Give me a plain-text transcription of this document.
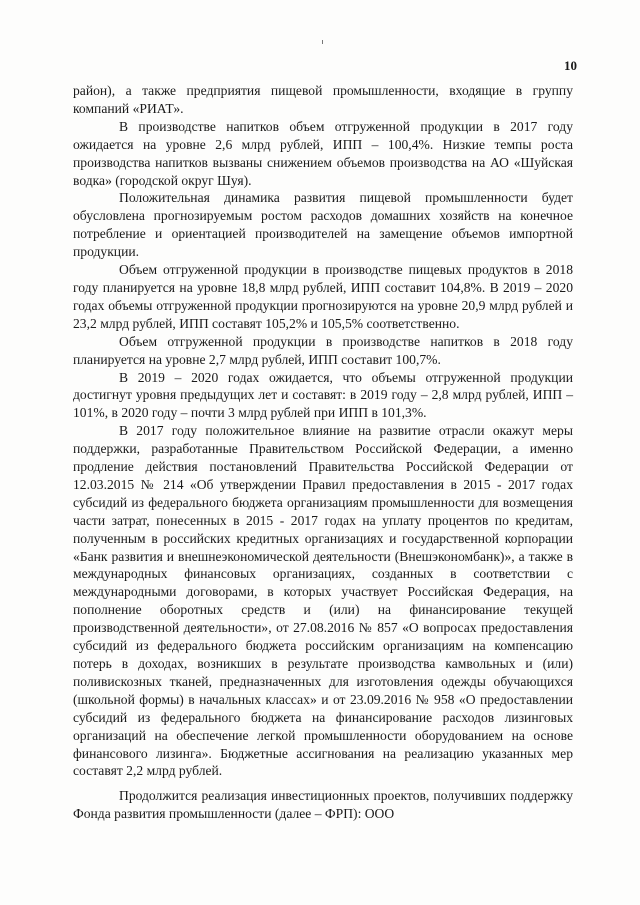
10

район), а также предприятия пищевой промышленности, входящие в группу компаний «РИАТ».

В производстве напитков объем отгруженной продукции в 2017 году ожидается на уровне 2,6 млрд рублей, ИПП – 100,4%. Низкие темпы роста производства напитков вызваны снижением объемов производства на АО «Шуйская водка» (городской округ Шуя).

Положительная динамика развития пищевой промышленности будет обусловлена прогнозируемым ростом расходов домашних хозяйств на конечное потребление и ориентацией производителей на замещение объемов импортной продукции.

Объем отгруженной продукции в производстве пищевых продуктов в 2018 году планируется на уровне 18,8 млрд рублей, ИПП составит 104,8%. В 2019 – 2020 годах объемы отгруженной продукции прогнозируются на уровне 20,9 млрд рублей и 23,2 млрд рублей, ИПП составят 105,2% и 105,5% соответственно.

Объем отгруженной продукции в производстве напитков в 2018 году планируется на уровне 2,7 млрд рублей, ИПП составит 100,7%.

В 2019 – 2020 годах ожидается, что объемы отгруженной продукции достигнут уровня предыдущих лет и составят: в 2019 году – 2,8 млрд рублей, ИПП – 101%, в 2020 году – почти 3 млрд рублей при ИПП в 101,3%.

В 2017 году положительное влияние на развитие отрасли окажут меры поддержки, разработанные Правительством Российской Федерации, а именно продление действия постановлений Правительства Российской Федерации от 12.03.2015 № 214 «Об утверждении Правил предоставления в 2015 - 2017 годах субсидий из федерального бюджета организациям промышленности для возмещения части затрат, понесенных в 2015 - 2017 годах на уплату процентов по кредитам, полученным в российских кредитных организациях и государственной корпорации «Банк развития и внешнеэкономической деятельности (Внешэкономбанк)», а также в международных финансовых организациях, созданных в соответствии с международными договорами, в которых участвует Российская Федерация, на пополнение оборотных средств и (или) на финансирование текущей производственной деятельности», от 27.08.2016 № 857 «О вопросах предоставления субсидий из федерального бюджета российским организациям на компенсацию потерь в доходах, возникших в результате производства камвольных и (или) поливискозных тканей, предназначенных для изготовления одежды обучающихся (школьной формы) в начальных классах» и от 23.09.2016 № 958 «О предоставлении субсидий из федерального бюджета на финансирование расходов лизинговых организаций на обеспечение легкой промышленности оборудованием на основе финансового лизинга». Бюджетные ассигнования на реализацию указанных мер составят 2,2 млрд рублей.

Продолжится реализация инвестиционных проектов, получивших поддержку Фонда развития промышленности (далее – ФРП): ООО
